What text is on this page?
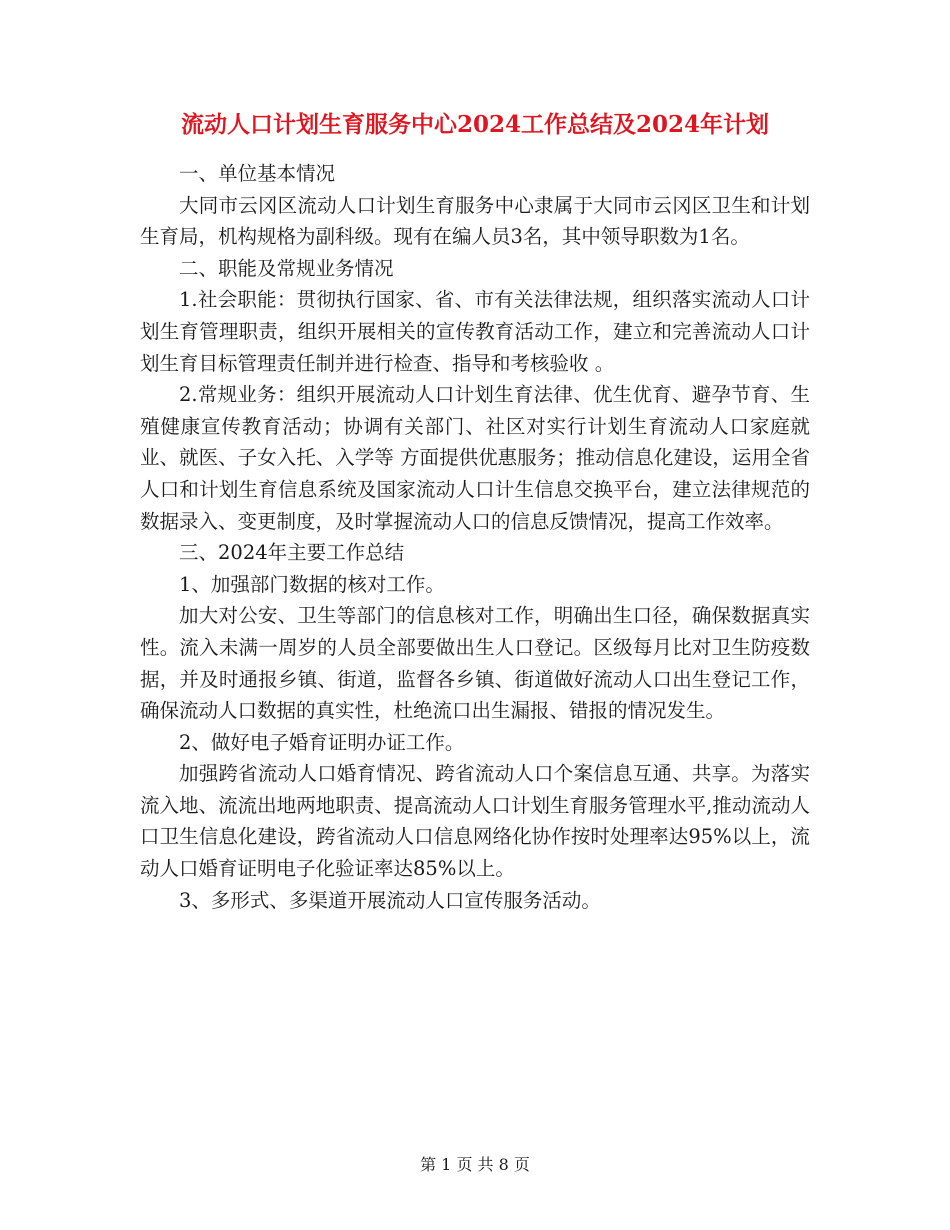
流动人口计划生育服务中心2024工作总结及2024年计划

一、单位基本情况

大同市云冈区流动人口计划生育服务中心隶属于大同市云冈区卫生和计划生育局，机构规格为副科级。现有在编人员3名，其中领导职数为1名。

二、职能及常规业务情况

1.社会职能：贯彻执行国家、省、市有关法律法规，组织落实流动人口计划生育管理职责，组织开展相关的宣传教育活动工作，建立和完善流动人口计划生育目标管理责任制并进行检查、指导和考核验收 。

2.常规业务：组织开展流动人口计划生育法律、优生优育、避孕节育、生殖健康宣传教育活动；协调有关部门、社区对实行计划生育流动人口家庭就业、就医、子女入托、入学等 方面提供优惠服务；推动信息化建设，运用全省人口和计划生育信息系统及国家流动人口计生信息交换平台，建立法律规范的数据录入、变更制度，及时掌握流动人口的信息反馈情况，提高工作效率。

三、2024年主要工作总结

1、加强部门数据的核对工作。

加大对公安、卫生等部门的信息核对工作，明确出生口径，确保数据真实性。流入未满一周岁的人员全部要做出生人口登记。区级每月比对卫生防疫数据，并及时通报乡镇、街道，监督各乡镇、街道做好流动人口出生登记工作，确保流动人口数据的真实性，杜绝流口出生漏报、错报的情况发生。

2、做好电子婚育证明办证工作。

加强跨省流动人口婚育情况、跨省流动人口个案信息互通、共享。为落实流入地、流流出地两地职责、提高流动人口计划生育服务管理水平,推动流动人口卫生信息化建设，跨省流动人口信息网络化协作按时处理率达95%以上，流动人口婚育证明电子化验证率达85%以上。

3、多形式、多渠道开展流动人口宣传服务活动。

第 1 页 共 8 页
